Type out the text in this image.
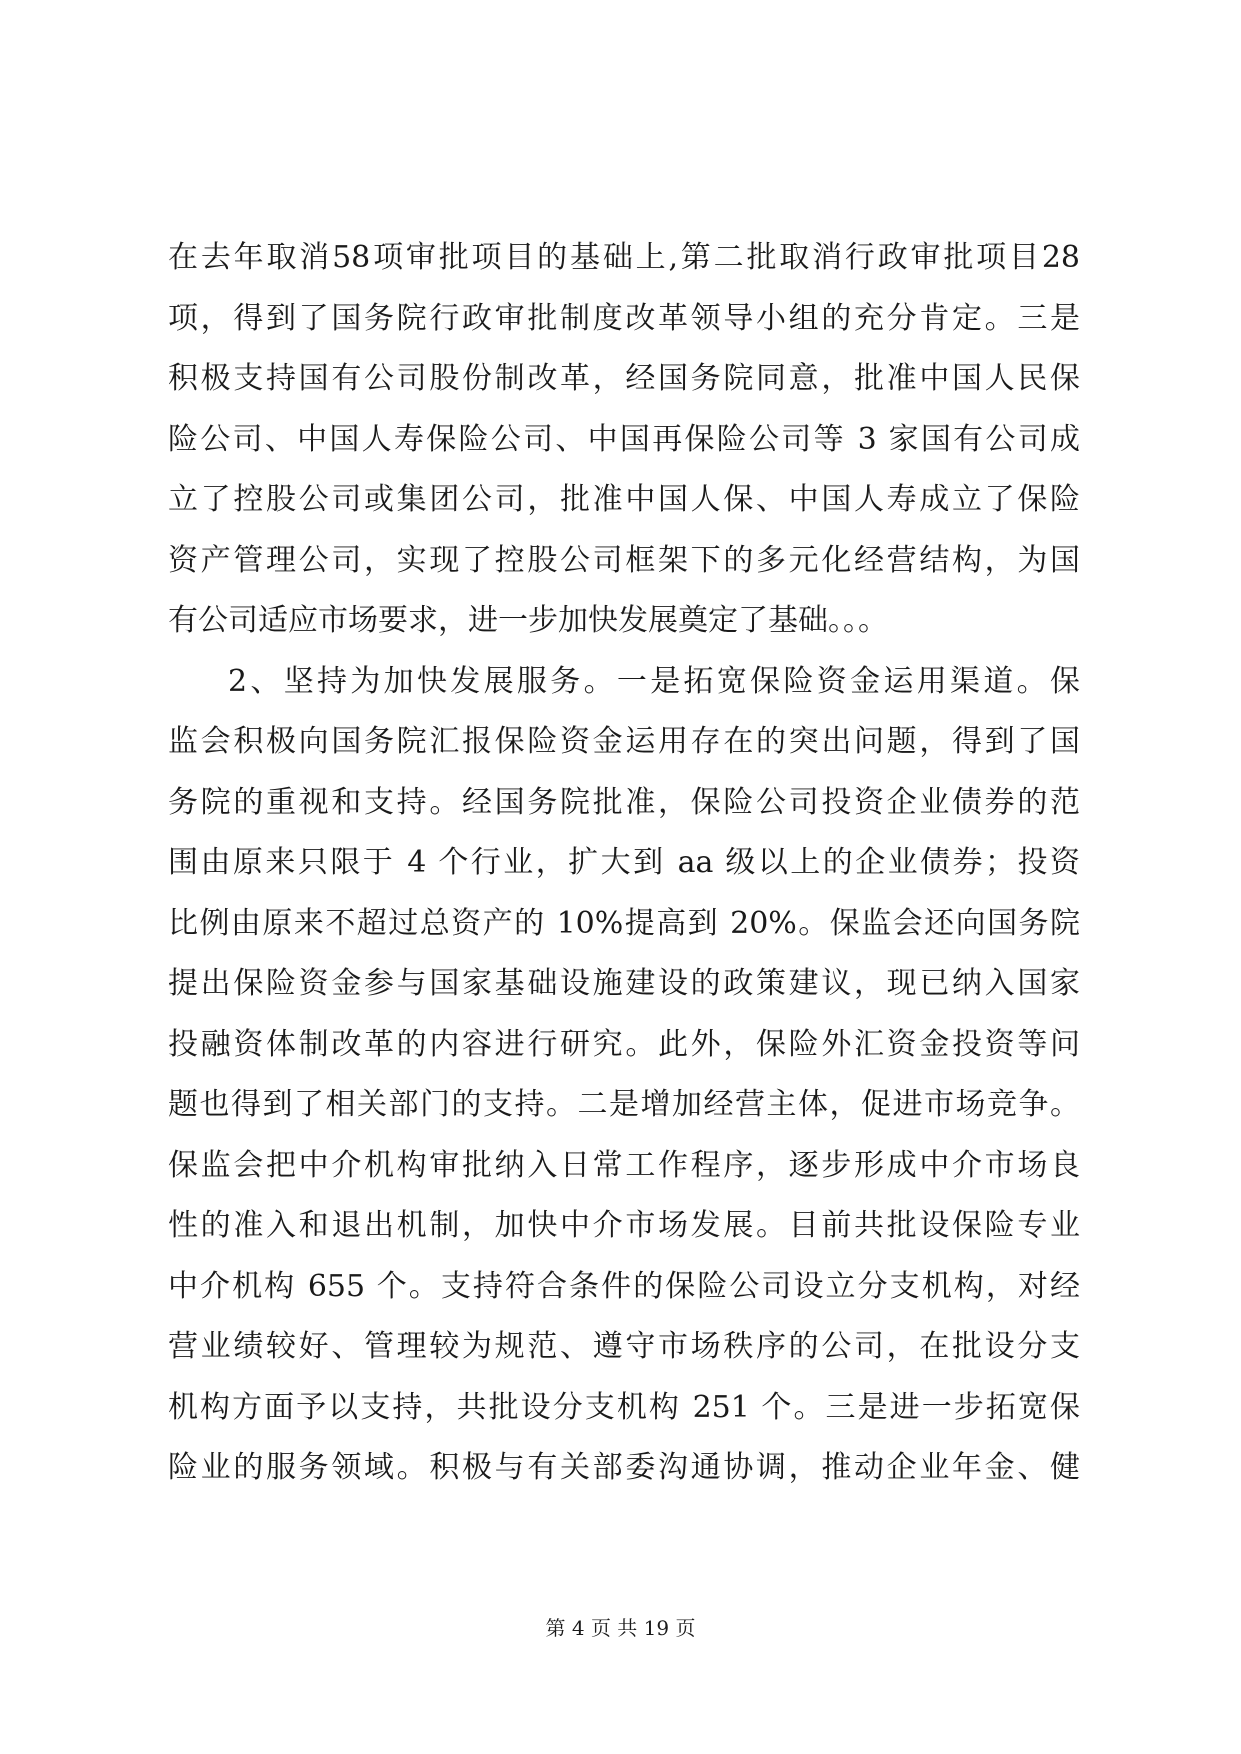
在去年取消58项审批项目的基础上,第二批取消行政审批项目28
项，得到了国务院行政审批制度改革领导小组的充分肯定。三是
积极支持国有公司股份制改革，经国务院同意，批准中国人民保
险公司、中国人寿保险公司、中国再保险公司等 3 家国有公司成
立了控股公司或集团公司，批准中国人保、中国人寿成立了保险
资产管理公司，实现了控股公司框架下的多元化经营结构，为国
有公司适应市场要求，进一步加快发展奠定了基础。。。
2、坚持为加快发展服务。一是拓宽保险资金运用渠道。保
监会积极向国务院汇报保险资金运用存在的突出问题，得到了国
务院的重视和支持。经国务院批准，保险公司投资企业债券的范
围由原来只限于 4 个行业，扩大到 aa 级以上的企业债券；投资
比例由原来不超过总资产的 10%提高到 20%。保监会还向国务院
提出保险资金参与国家基础设施建设的政策建议，现已纳入国家
投融资体制改革的内容进行研究。此外，保险外汇资金投资等问
题也得到了相关部门的支持。二是增加经营主体，促进市场竞争。
保监会把中介机构审批纳入日常工作程序，逐步形成中介市场良
性的准入和退出机制，加快中介市场发展。目前共批设保险专业
中介机构 655 个。支持符合条件的保险公司设立分支机构，对经
营业绩较好、管理较为规范、遵守市场秩序的公司，在批设分支
机构方面予以支持，共批设分支机构 251 个。三是进一步拓宽保
险业的服务领域。积极与有关部委沟通协调，推动企业年金、健
第 4 页 共 19 页
